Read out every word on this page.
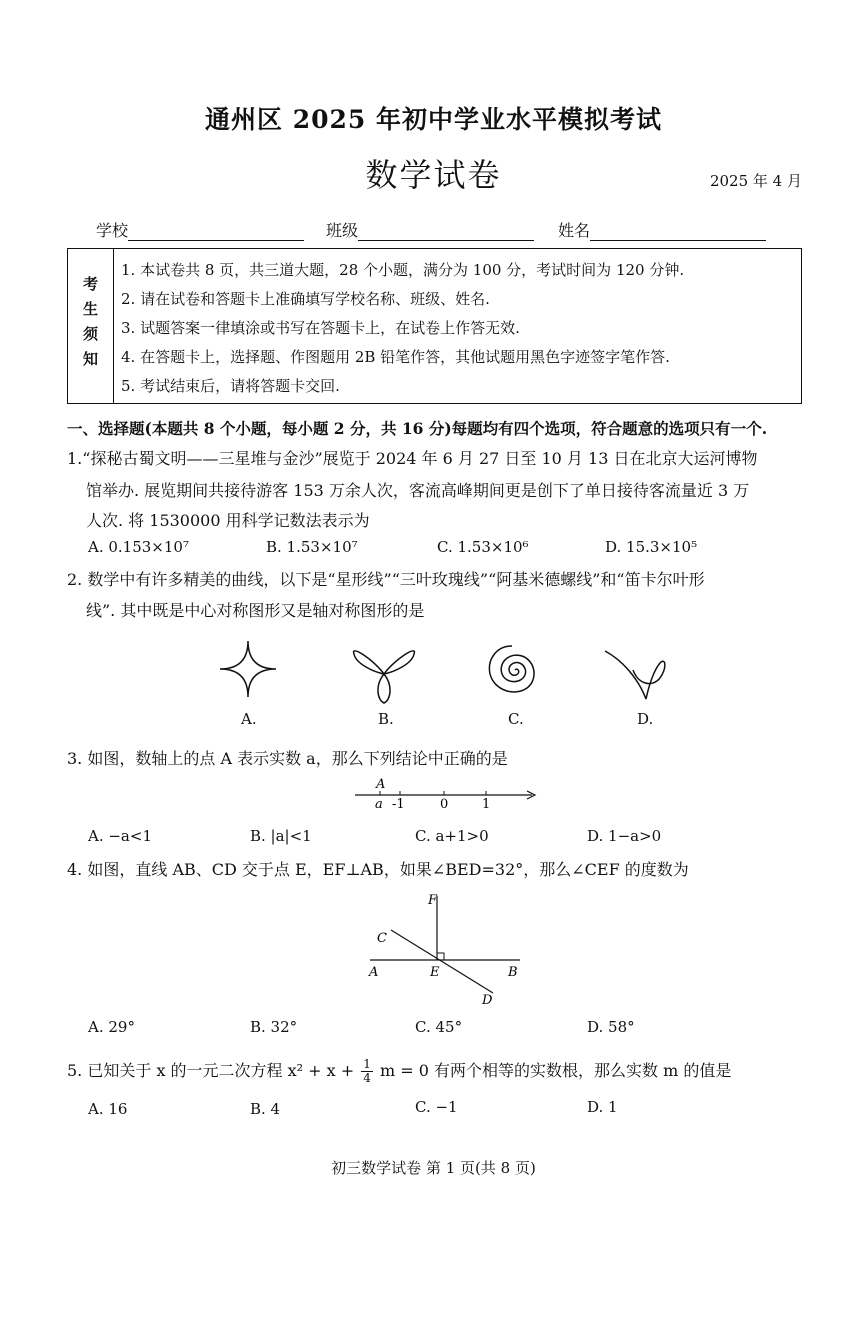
通州区 2025 年初中学业水平模拟考试
数学试卷	2025 年 4 月
学校	班级	姓名
考生须知
1. 本试卷共 8 页，共三道大题，28 个小题，满分为 100 分，考试时间为 120 分钟.
2. 请在试卷和答题卡上准确填写学校名称、班级、姓名.
3. 试题答案一律填涂或书写在答题卡上，在试卷上作答无效.
4. 在答题卡上，选择题、作图题用 2B 铅笔作答，其他试题用黑色字迹签字笔作答.
5. 考试结束后，请将答题卡交回.
一、选择题(本题共 8 个小题，每小题 2 分，共 16 分)每题均有四个选项，符合题意的选项只有一个.
1.“探秘古蜀文明——三星堆与金沙”展览于 2024 年 6 月 27 日至 10 月 13 日在北京大运河博物
馆举办. 展览期间共接待游客 153 万余人次，客流高峰期间更是创下了单日接待客流量近 3 万
人次. 将 1530000 用科学记数法表示为
A. 0.153×10⁷	B. 1.53×10⁷	C. 1.53×10⁶	D. 15.3×10⁵
2. 数学中有许多精美的曲线，以下是“星形线”“三叶玫瑰线”“阿基米德螺线”和“笛卡尔叶形
线”. 其中既是中心对称图形又是轴对称图形的是
A.	B.	C.	D.
3. 如图，数轴上的点 A 表示实数 a，那么下列结论中正确的是
A
a -1	0	1
A. −a<1	B. |a|<1	C. a+1>0	D. 1−a>0
4. 如图，直线 AB、CD 交于点 E，EF⊥AB，如果∠BED=32°，那么∠CEF 的度数为
F
C
A	E	B
D
A. 29°	B. 32°	C. 45°	D. 58°
5. 已知关于 x 的一元二次方程 $x^2 + x + \frac{1}{4}$ m = 0 有两个相等的实数根，那么实数 m 的值是
A. 16	B. 4	C. −1	D. 1
初三数学试卷 第 1 页(共 8 页)
